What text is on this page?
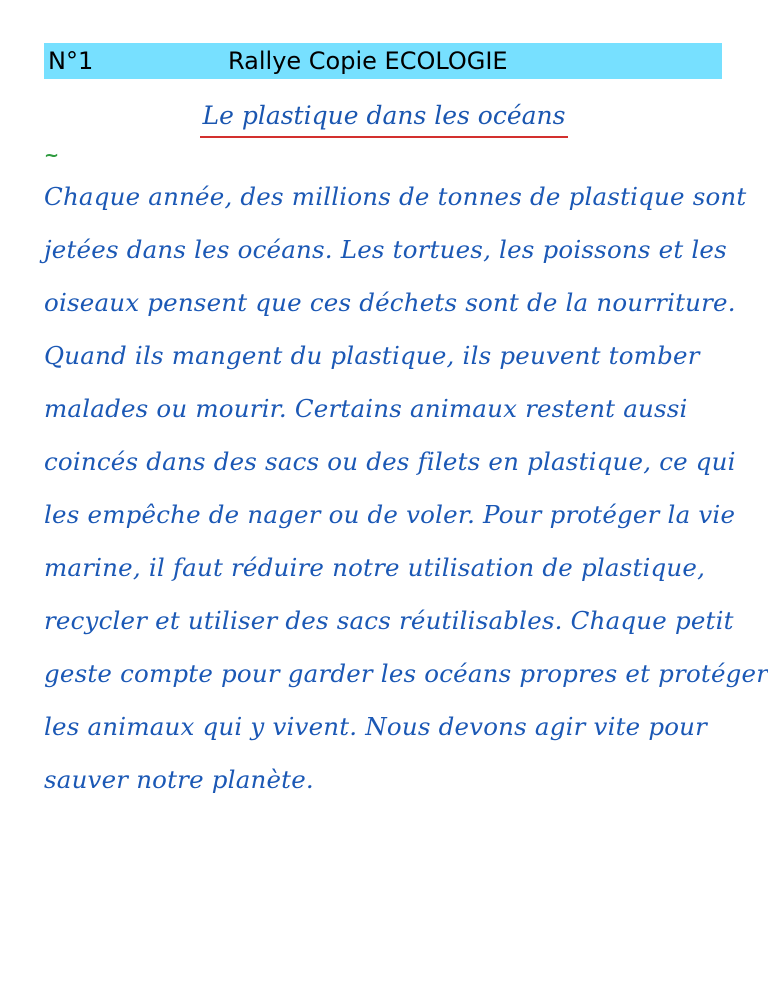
N°1	Rallye Copie ECOLOGIE
Le plastique dans les océans
~
Chaque année, des millions de tonnes de plastique sont
jetées dans les océans. Les tortues, les poissons et les
oiseaux pensent que ces déchets sont de la nourriture.
Quand ils mangent du plastique, ils peuvent tomber
malades ou mourir. Certains animaux restent aussi
coincés dans des sacs ou des filets en plastique, ce qui
les empêche de nager ou de voler. Pour protéger la vie
marine, il faut réduire notre utilisation de plastique,
recycler et utiliser des sacs réutilisables. Chaque petit
geste compte pour garder les océans propres et protéger
les animaux qui y vivent. Nous devons agir vite pour
sauver notre planète.
